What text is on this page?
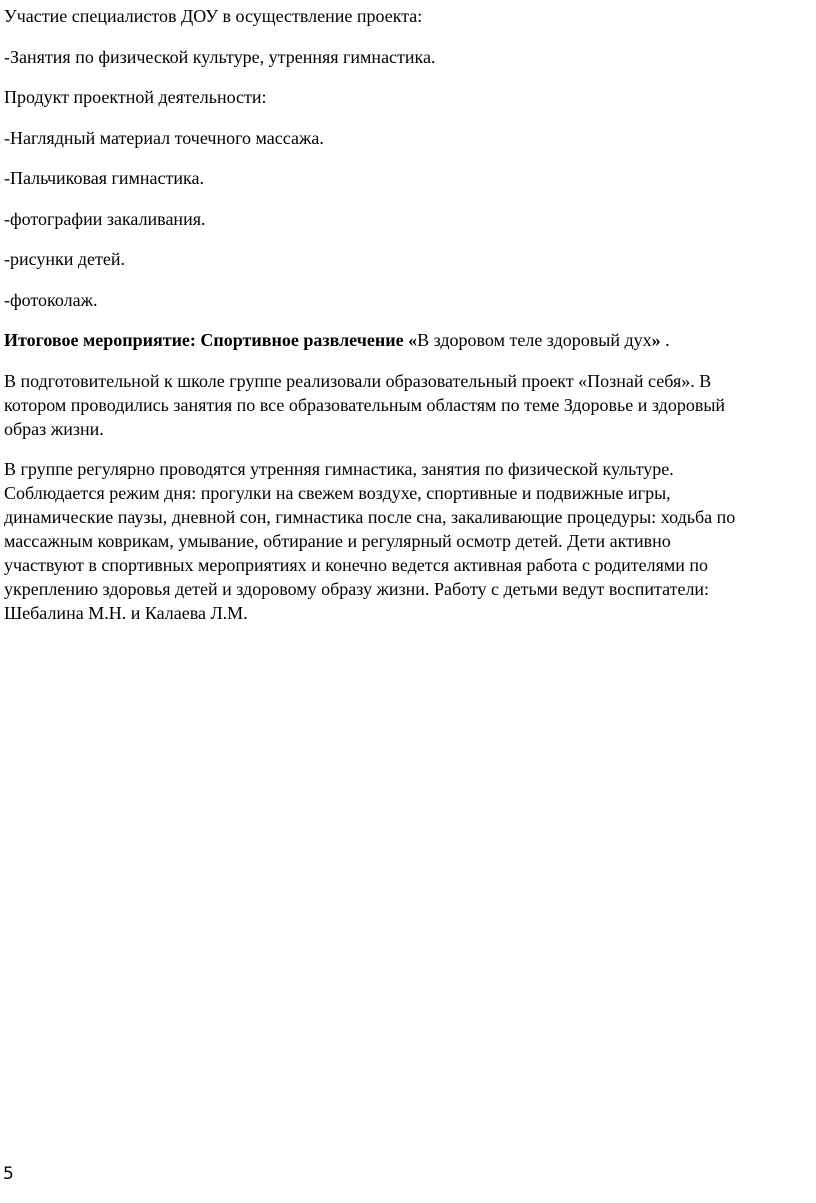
Участие специалистов ДОУ в осуществление проекта:

-Занятия по физической культуре, утренняя гимнастика.

Продукт проектной деятельности:

-Наглядный материал точечного массажа.

-Пальчиковая гимнастика.

-фотографии закаливания.

-рисунки детей.

-фотоколаж.

Итоговое мероприятие: Спортивное развлечение «В здоровом теле здоровый дух» .

В подготовительной к школе группе реализовали образовательный проект «Познай себя». В
котором проводились занятия по все образовательным областям по теме Здоровье и здоровый
образ жизни.
В группе регулярно проводятся утренняя гимнастика, занятия по физической культуре.
Соблюдается режим дня: прогулки на свежем воздухе, спортивные и подвижные игры,
динамические паузы, дневной сон, гимнастика после сна, закаливающие процедуры: ходьба по
массажным коврикам, умывание, обтирание и регулярный осмотр детей. Дети активно
участвуют в спортивных мероприятиях и конечно ведется активная работа с родителями по
укреплению здоровья детей и здоровому образу жизни. Работу с детьми ведут воспитатели:
Шебалина М.Н. и Калаева Л.М.
5
